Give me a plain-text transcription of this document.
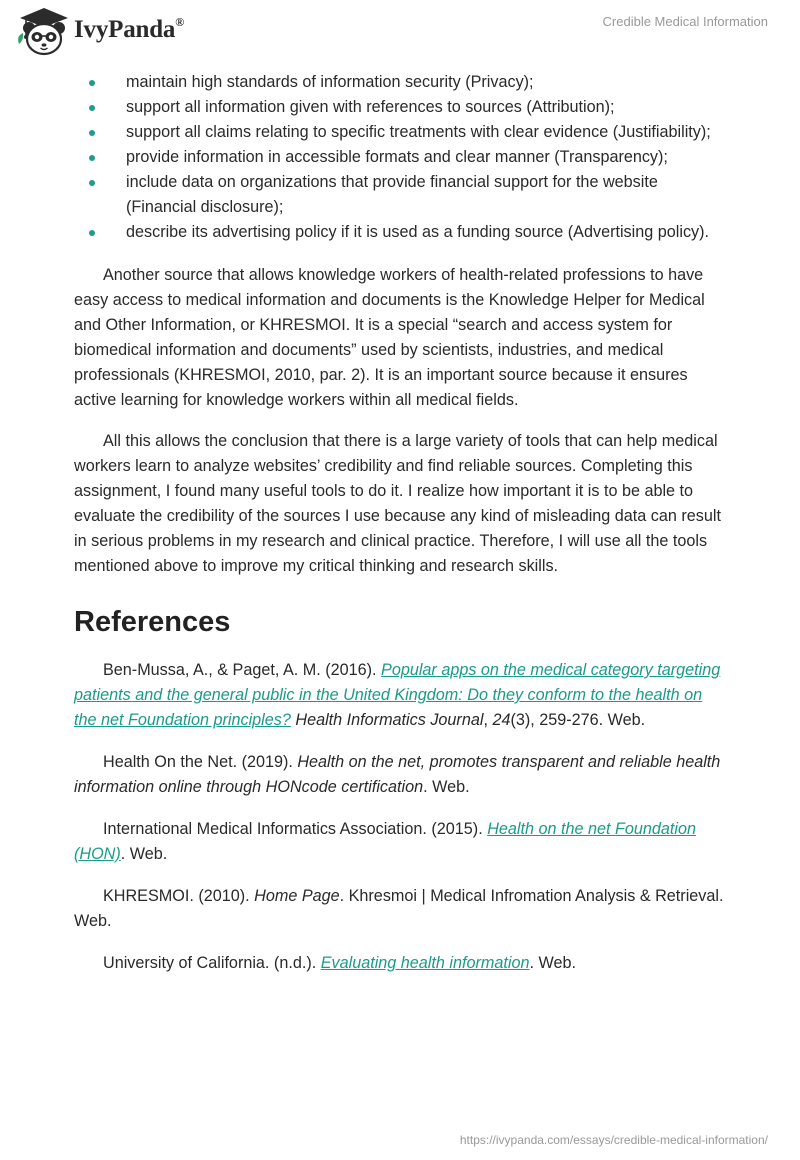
IvyPanda®	Credible Medical Information
maintain high standards of information security (Privacy);
support all information given with references to sources (Attribution);
support all claims relating to specific treatments with clear evidence (Justifiability);
provide information in accessible formats and clear manner (Transparency);
include data on organizations that provide financial support for the website (Financial disclosure);
describe its advertising policy if it is used as a funding source (Advertising policy).

Another source that allows knowledge workers of health-related professions to have easy access to medical information and documents is the Knowledge Helper for Medical and Other Information, or KHRESMOI. It is a special “search and access system for biomedical information and documents” used by scientists, industries, and medical professionals (KHRESMOI, 2010, par. 2). It is an important source because it ensures active learning for knowledge workers within all medical fields.

All this allows the conclusion that there is a large variety of tools that can help medical workers learn to analyze websites’ credibility and find reliable sources. Completing this assignment, I found many useful tools to do it. I realize how important it is to be able to evaluate the credibility of the sources I use because any kind of misleading data can result in serious problems in my research and clinical practice. Therefore, I will use all the tools mentioned above to improve my critical thinking and research skills.

References

Ben-Mussa, A., & Paget, A. M. (2016). Popular apps on the medical category targeting patients and the general public in the United Kingdom: Do they conform to the health on the net Foundation principles? Health Informatics Journal, 24(3), 259-276. Web.

Health On the Net. (2019). Health on the net, promotes transparent and reliable health information online through HONcode certification. Web.

International Medical Informatics Association. (2015). Health on the net Foundation (HON). Web.

KHRESMOI. (2010). Home Page. Khresmoi | Medical Infromation Analysis & Retrieval. Web.

University of California. (n.d.). Evaluating health information. Web.

https://ivypanda.com/essays/credible-medical-information/
